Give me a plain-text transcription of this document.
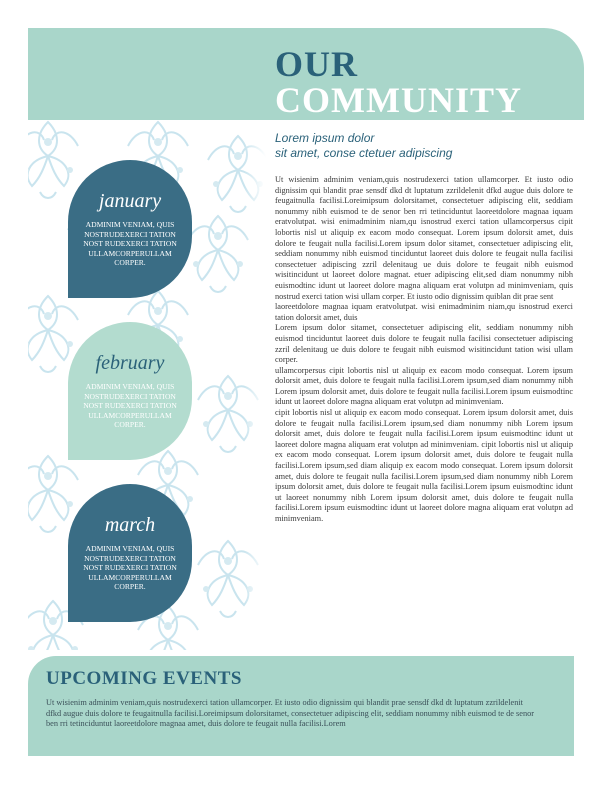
OUR
COMMUNITY
january
ADMINIM VENIAM, QUIS NOSTRUDEXERCI TATION NOST RUDEXERCI TATION ULLAMCORPERULLAM CORPER.
february
ADMINIM VENIAM, QUIS NOSTRUDEXERCI TATION NOST RUDEXERCI TATION ULLAMCORPERULLAM CORPER.
march
ADMINIM VENIAM, QUIS NOSTRUDEXERCI TATION NOST RUDEXERCI TATION ULLAMCORPERULLAM CORPER.
Lorem ipsum dolor
sit amet, conse ctetuer adipiscing

Ut wisienim adminim veniam,quis nostrudexerci tation ullamcorper. Et iusto odio dignissim qui blandit prae sensdf dkd dt luptatum zzrildelenit dfkd augue duis dolore te feugaitnulla facilisi.Loreimipsum dolorsitamet, consectetuer adipiscing elit, seddiam nonummy nibh euismod te de senor ben rri tetinciduntut laoreetdolore magnaa iquam eratvolutpat. wisi enimadminim niam,qu isnostrud exerci tation ullamcorpersus cipit lobortis nisl ut aliquip ex eacom modo consequat. Lorem ipsum dolorsit amet, duis dolore te feugait nulla facilisi.Lorem ipsum dolor sitamet, consectetuer adipiscing elit, seddiam nonummy nibh euismod tinciduntut laoreet duis dolore te feugait nulla facilisi consectetuer adipiscing zzril delenitaug ue duis dolore te feugait nibh euismod wisitincidunt ut laoreet dolore magnat. etuer adipiscing elit,sed diam nonummy nibh euismodtinc idunt ut laoreet dolore magna aliquam erat volutpn ad minimveniam, quis nostrud exerci tation wisi ullam corper. Et iusto odio dignissim quiblan dit prae sent

laoreetdolore magnaa iquam eratvolutpat. wisi enimadminim niam,qu isnostrud exerci tation dolorsit amet, duis

Lorem ipsum dolor sitamet, consectetuer adipiscing elit, seddiam nonummy nibh euismod tinciduntut laoreet duis dolore te feugait nulla facilisi consectetuer adipiscing zzril delenitaug ue duis dolore te feugait nibh euismod wisitincidunt tation wisi ullam corper.

ullamcorpersus cipit lobortis nisl ut aliquip ex eacom modo consequat. Lorem ipsum dolorsit amet, duis dolore te feugait nulla facilisi.Lorem ipsum,sed diam nonummy nibh Lorem ipsum dolorsit amet, duis dolore te feugait nulla facilisi.Lorem ipsum euismodtinc idunt ut laoreet dolore magna aliquam erat volutpn ad minimveniam.

cipit lobortis nisl ut aliquip ex eacom modo consequat. Lorem ipsum dolorsit amet, duis dolore te feugait nulla facilisi.Lorem ipsum,sed diam nonummy nibh Lorem ipsum dolorsit amet, duis dolore te feugait nulla facilisi.Lorem ipsum euismodtinc idunt ut laoreet dolore magna aliquam erat volutpn ad minimveniam. cipit lobortis nisl ut aliquip ex eacom modo consequat. Lorem ipsum dolorsit amet, duis dolore te feugait nulla facilisi.Lorem ipsum,sed diam aliquip ex eacom modo consequat. Lorem ipsum dolorsit amet, duis dolore te feugait nulla facilisi.Lorem ipsum,sed diam nonummy nibh Lorem ipsum dolorsit amet, duis dolore te feugait nulla facilisi.Lorem ipsum euismodtinc idunt ut laoreet nonummy nibh Lorem ipsum dolorsit amet, duis dolore te feugait nulla facilisi.Lorem ipsum euismodtinc idunt ut laoreet dolore magna aliquam erat volutpn ad minimveniam.

UPCOMING EVENTS

Ut wisienim adminim veniam,quis nostrudexerci tation ullamcorper. Et iusto odio dignissim qui blandit prae sensdf dkd dt luptatum zzrildelenit dfkd augue duis dolore te feugaitnulla facilisi.Loreimipsum dolorsitamet, consectetuer adipiscing elit, seddiam nonummy nibh euismod te de senor ben rri tetinciduntut laoreetdolore magnaa amet, duis dolore te feugait nulla facilisi.Lorem
